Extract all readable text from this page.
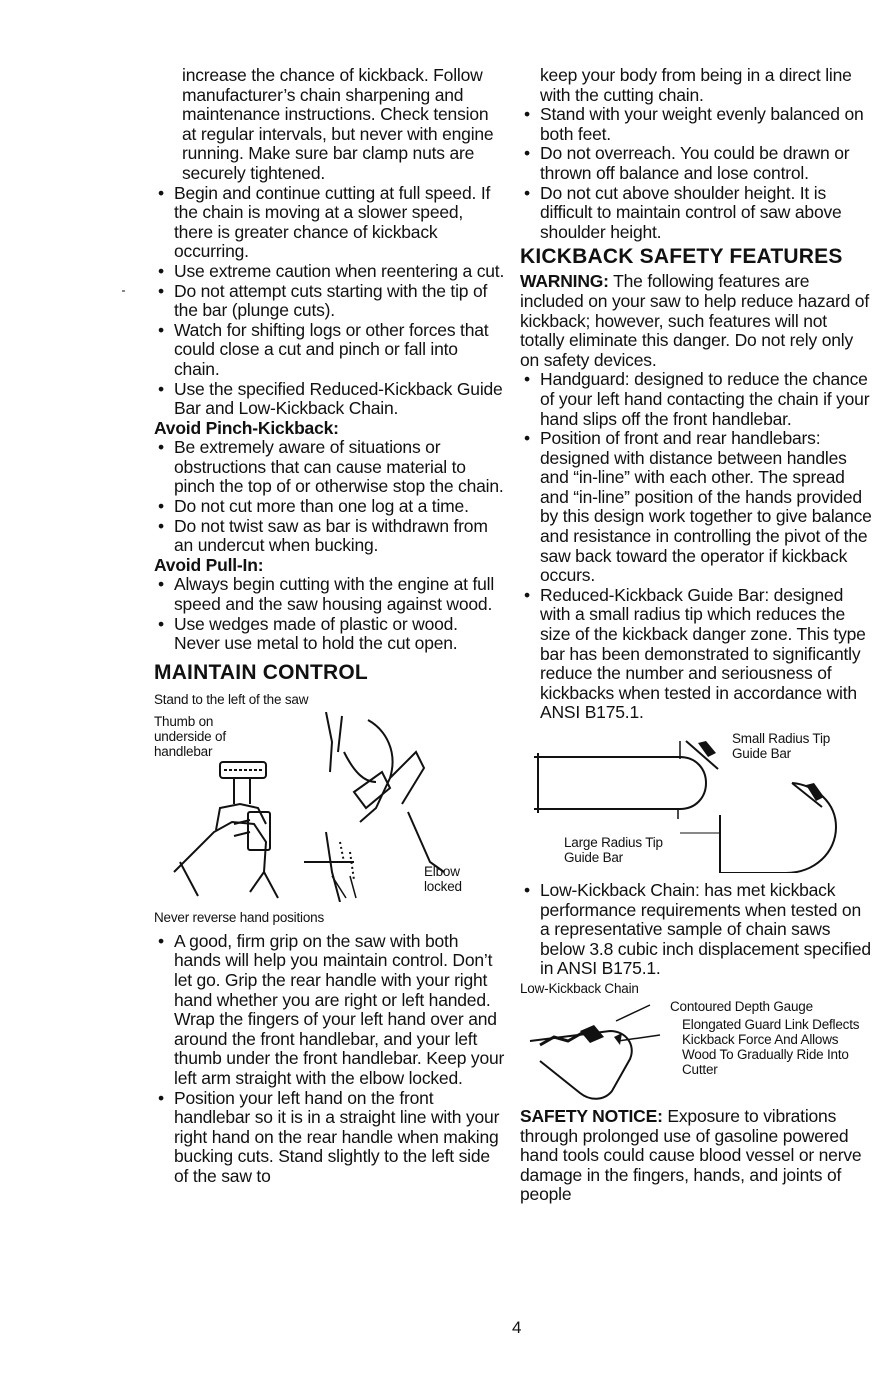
increase the chance of kickback. Follow manufacturer’s chain sharpening and maintenance instructions. Check tension at regular intervals, but never with engine running. Make sure bar clamp nuts are securely tightened.

• Begin and continue cutting at full speed. If the chain is moving at a slower speed, there is greater chance of kickback occurring.

• Use extreme caution when reentering a cut.

• Do not attempt cuts starting with the tip of the bar (plunge cuts).

• Watch for shifting logs or other forces that could close a cut and pinch or fall into chain.

• Use the specified Reduced-Kickback Guide Bar and Low-Kickback Chain.

Avoid Pinch-Kickback:

• Be extremely aware of situations or obstructions that can cause material to pinch the top of or otherwise stop the chain.

• Do not cut more than one log at a time.

• Do not twist saw as bar is withdrawn from an undercut when bucking.

Avoid Pull-In:

• Always begin cutting with the engine at full speed and the saw housing against wood.

• Use wedges made of plastic or wood. Never use metal to hold the cut open.

MAINTAIN CONTROL

Stand to the left of the saw
Thumb on underside of handlebar
Elbow locked
Never reverse hand positions

• A good, firm grip on the saw with both hands will help you maintain control. Don’t let go. Grip the rear handle with your right hand whether you are right or left handed. Wrap the fingers of your left hand over and around the front handlebar, and your left thumb under the front handlebar. Keep your left arm straight with the elbow locked.

• Position your left hand on the front handlebar so it is in a straight line with your right hand on the rear handle when making bucking cuts. Stand slightly to the left side of the saw to

keep your body from being in a direct line with the cutting chain.

• Stand with your weight evenly balanced on both feet.

• Do not overreach. You could be drawn or thrown off balance and lose control.

• Do not cut above shoulder height. It is difficult to maintain control of saw above shoulder height.

KICKBACK SAFETY FEATURES

WARNING: The following features are included on your saw to help reduce hazard of kickback; however, such features will not totally eliminate this danger. Do not rely only on safety devices.

• Handguard: designed to reduce the chance of your left hand contacting the chain if your hand slips off the front handlebar.

• Position of front and rear handlebars: designed with distance between handles and “in-line” with each other. The spread and “in-line” position of the hands provided by this design work together to give balance and resistance in controlling the pivot of the saw back toward the operator if kickback occurs.

• Reduced-Kickback Guide Bar: designed with a small radius tip which reduces the size of the kickback danger zone. This type bar has been demonstrated to significantly reduce the number and seriousness of kickbacks when tested in accordance with ANSI B175.1.

Small Radius Tip Guide Bar
Large Radius Tip Guide Bar

• Low-Kickback Chain: has met kickback performance requirements when tested on a representative sample of chain saws below 3.8 cubic inch displacement specified in ANSI B175.1.

Low-Kickback Chain
Contoured Depth Gauge
Elongated Guard Link Deflects Kickback Force And Allows Wood To Gradually Ride Into Cutter

SAFETY NOTICE: Exposure to vibrations through prolonged use of gasoline powered hand tools could cause blood vessel or nerve damage in the fingers, hands, and joints of people

4
